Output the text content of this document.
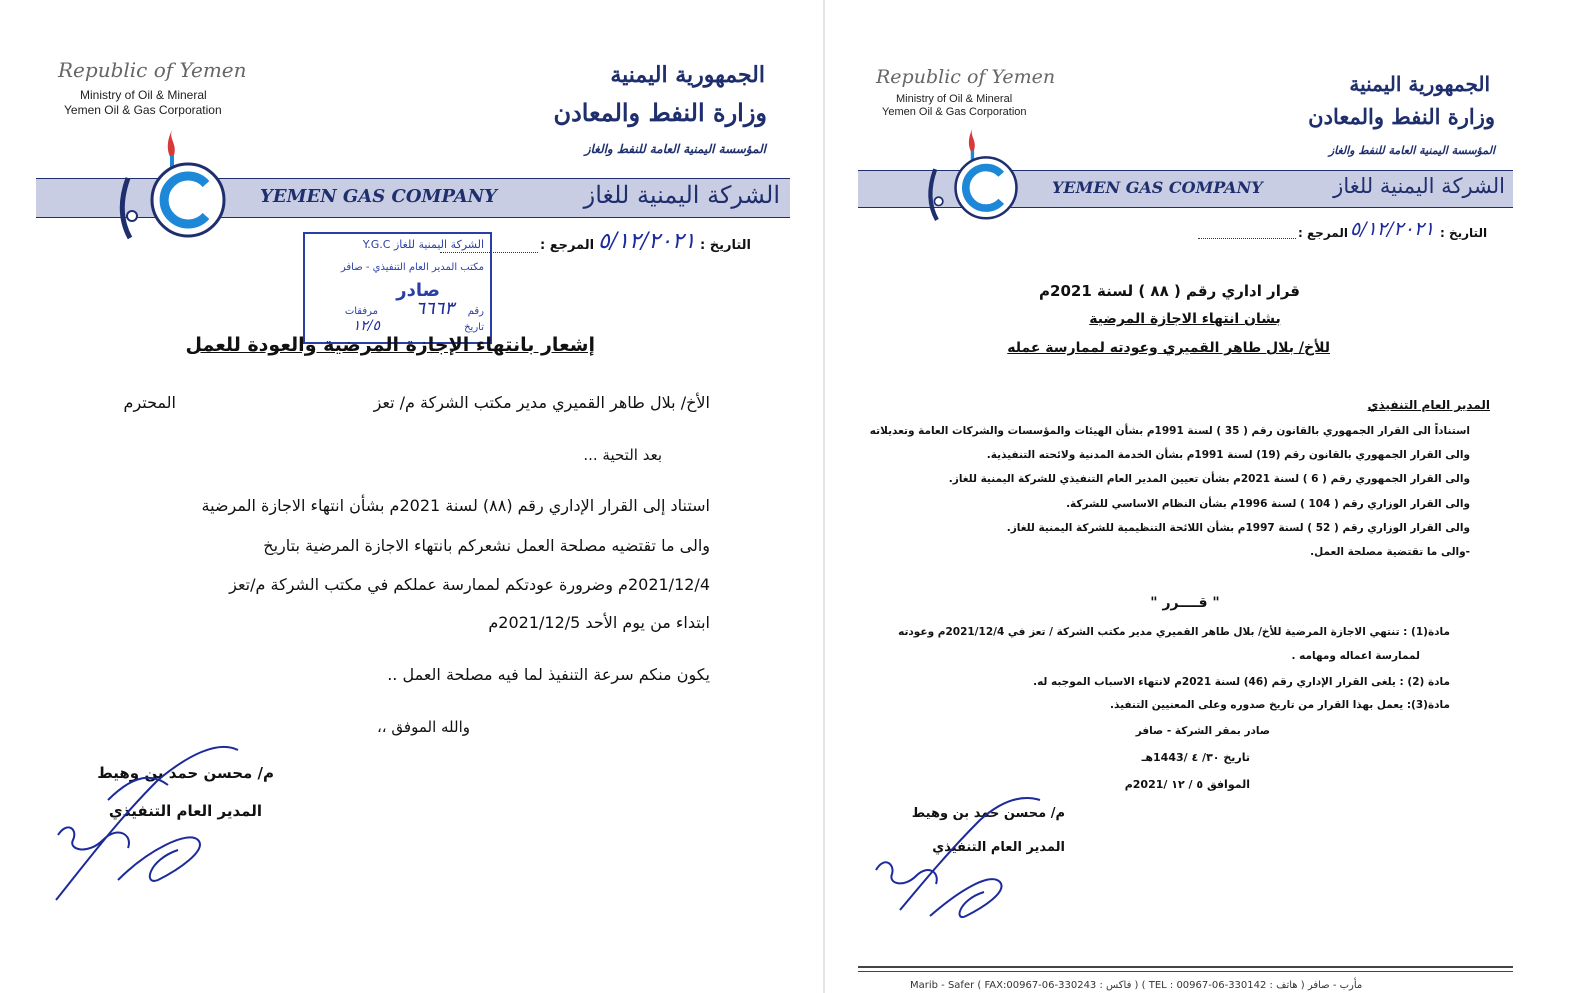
Republic of Yemen
Ministry of Oil & Mineral
Yemen Oil & Gas Corporation
الجمهورية اليمنية
وزارة النفط والمعادن
المؤسسة اليمنية العامة للنفط والغاز
YEMEN GAS COMPANY	الشركة اليمنية للغاز
التاريخ :
٥/١٢/٢٠٢١
المرجع :
الشركة اليمنية للغاز Y.G.C
مكتب المدير العام التنفيذي - صافر
صادر
رقم
٦٦٦٣
مرفقات
تاريخ
١٢/٥
إشعار بانتهاء الإجازة المرضية والعودة للعمل
الأخ/ بلال طاهر القميري مدير مكتب الشركة م/ تعز
المحترم
بعد التحية ...
استناد إلى القرار الإداري رقم (٨٨) لسنة 2021م بشأن انتهاء الاجازة المرضية
والى ما تقتضيه مصلحة العمل نشعركم بانتهاء الاجازة المرضية بتاريخ
2021/12/4م وضرورة عودتكم لممارسة عملكم في مكتب الشركة م/تعز
ابتداء من يوم الأحد 2021/12/5م
يكون منكم سرعة التنفيذ لما فيه مصلحة العمل ..
والله الموفق ،،
م/ محسن حمد بن وهيط
المدير العام التنفيذي
Republic of Yemen
Ministry of Oil & Mineral
Yemen Oil & Gas Corporation
الجمهورية اليمنية
وزارة النفط والمعادن
المؤسسة اليمنية العامة للنفط والغاز
YEMEN GAS COMPANY	الشركة اليمنية للغاز
التاريخ :
٥/١٢/٢٠٢١
المرجع :
قرار اداري رقم ( ٨٨ ) لسنة 2021م
بشان انتهاء الاجازة المرضية
للأخ/ بلال طاهر القميري وعودته لممارسة عمله
المدير العام التنفيذي
استناداً الى القرار الجمهوري بالقانون رقم ( 35 ) لسنة 1991م بشأن الهيئات والمؤسسات والشركات العامة وتعديلاته
والى القرار الجمهوري بالقانون رقم (19) لسنة 1991م بشأن الخدمة المدنية ولائحته التنفيذية.
والى القرار الجمهوري رقم ( 6 ) لسنة 2021م بشأن تعيين المدير العام التنفيذي للشركة اليمنية للغاز.
والى القرار الوزاري رقم ( 104 ) لسنة 1996م بشأن النظام الاساسي للشركة.
والى القرار الوزاري رقم ( 52 ) لسنة 1997م بشأن اللائحة التنظيمية للشركة اليمنية للغاز.
-والى ما تقتضية مصلحة العمل.
" قــــرر "
مادة(1) : تنتهي الاجازة المرضية للأخ/ بلال طاهر القميري مدير مكتب الشركة / تعز في 2021/12/4م وعودته
لممارسة اعماله ومهامه .
مادة (2) : يلغى القرار الإداري رقم (46) لسنة 2021م لانتهاء الاسباب الموجبه له.
مادة(3): يعمل بهذا القرار من تاريخ صدوره وعلى المعنيين التنفيذ.
صادر بمقر الشركة - صافر
تاريخ ٣٠/ ٤ /1443هـ
الموافق ٥ / ١٢ /2021م
م/ محسن حمد بن وهيط
المدير العام التنفيذي
Marib - Safer ( FAX:00967-06-330243 : فاكس ) ( TEL : 00967-06-330142 : هاتف ) مأرب - صافر
